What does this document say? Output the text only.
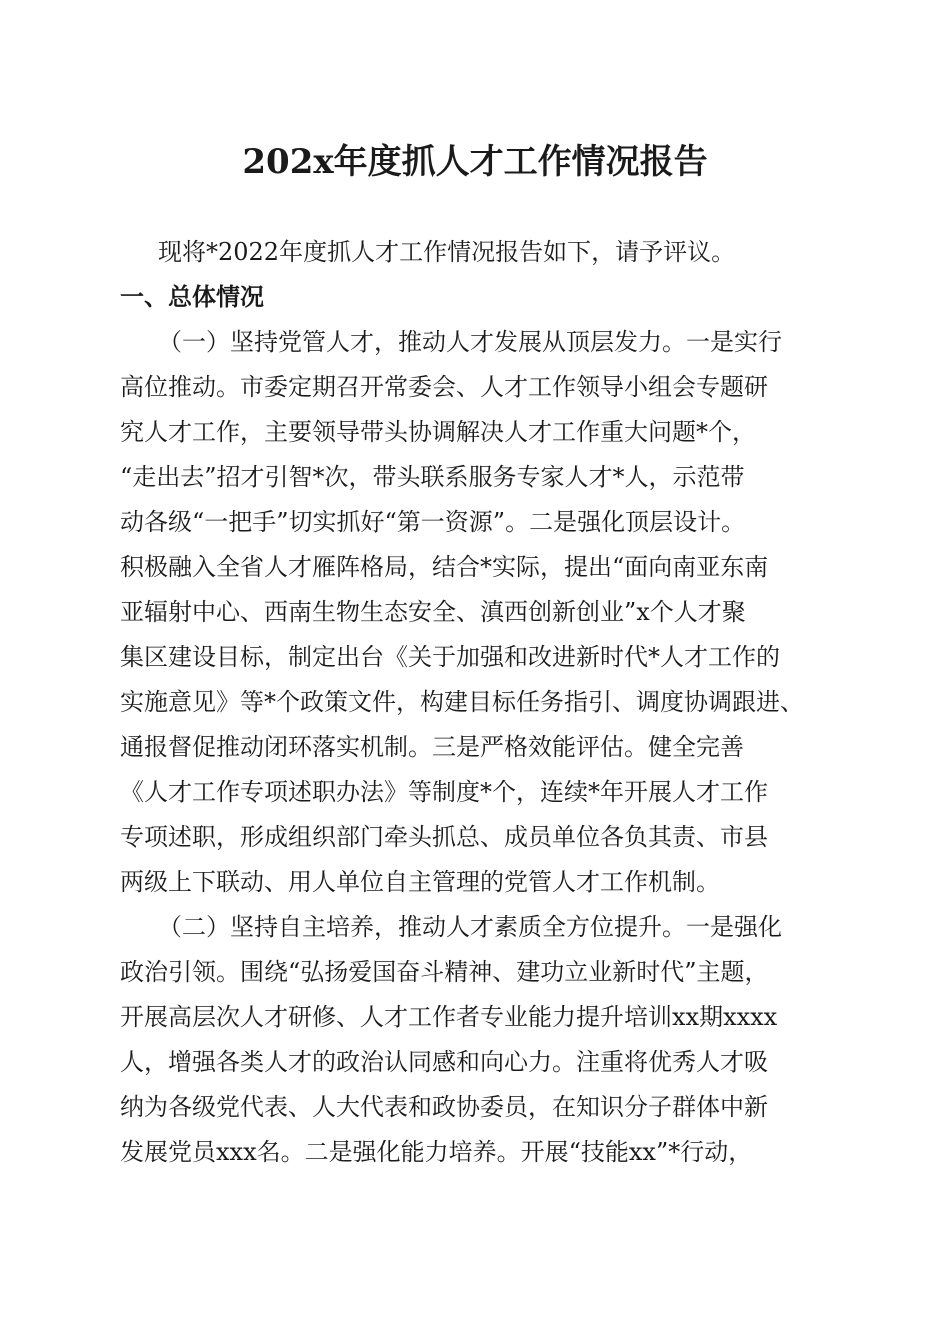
202x年度抓人才工作情况报告
现将*2022年度抓人才工作情况报告如下，请予评议。
一、总体情况
（一）坚持党管人才，推动人才发展从顶层发力。一是实行
高位推动。市委定期召开常委会、人才工作领导小组会专题研
究人才工作，主要领导带头协调解决人才工作重大问题*个，
“走出去”招才引智*次，带头联系服务专家人才*人，示范带
动各级“一把手”切实抓好“第一资源”。二是强化顶层设计。
积极融入全省人才雁阵格局，结合*实际，提出“面向南亚东南
亚辐射中心、西南生物生态安全、滇西创新创业”x个人才聚
集区建设目标，制定出台《关于加强和改进新时代*人才工作的
实施意见》等*个政策文件，构建目标任务指引、调度协调跟进、
通报督促推动闭环落实机制。三是严格效能评估。健全完善
《人才工作专项述职办法》等制度*个，连续*年开展人才工作
专项述职，形成组织部门牵头抓总、成员单位各负其责、市县
两级上下联动、用人单位自主管理的党管人才工作机制。
（二）坚持自主培养，推动人才素质全方位提升。一是强化
政治引领。围绕“弘扬爱国奋斗精神、建功立业新时代”主题，
开展高层次人才研修、人才工作者专业能力提升培训xx期xxxx
人，增强各类人才的政治认同感和向心力。注重将优秀人才吸
纳为各级党代表、人大代表和政协委员，在知识分子群体中新
发展党员xxx名。二是强化能力培养。开展“技能xx”*行动，
